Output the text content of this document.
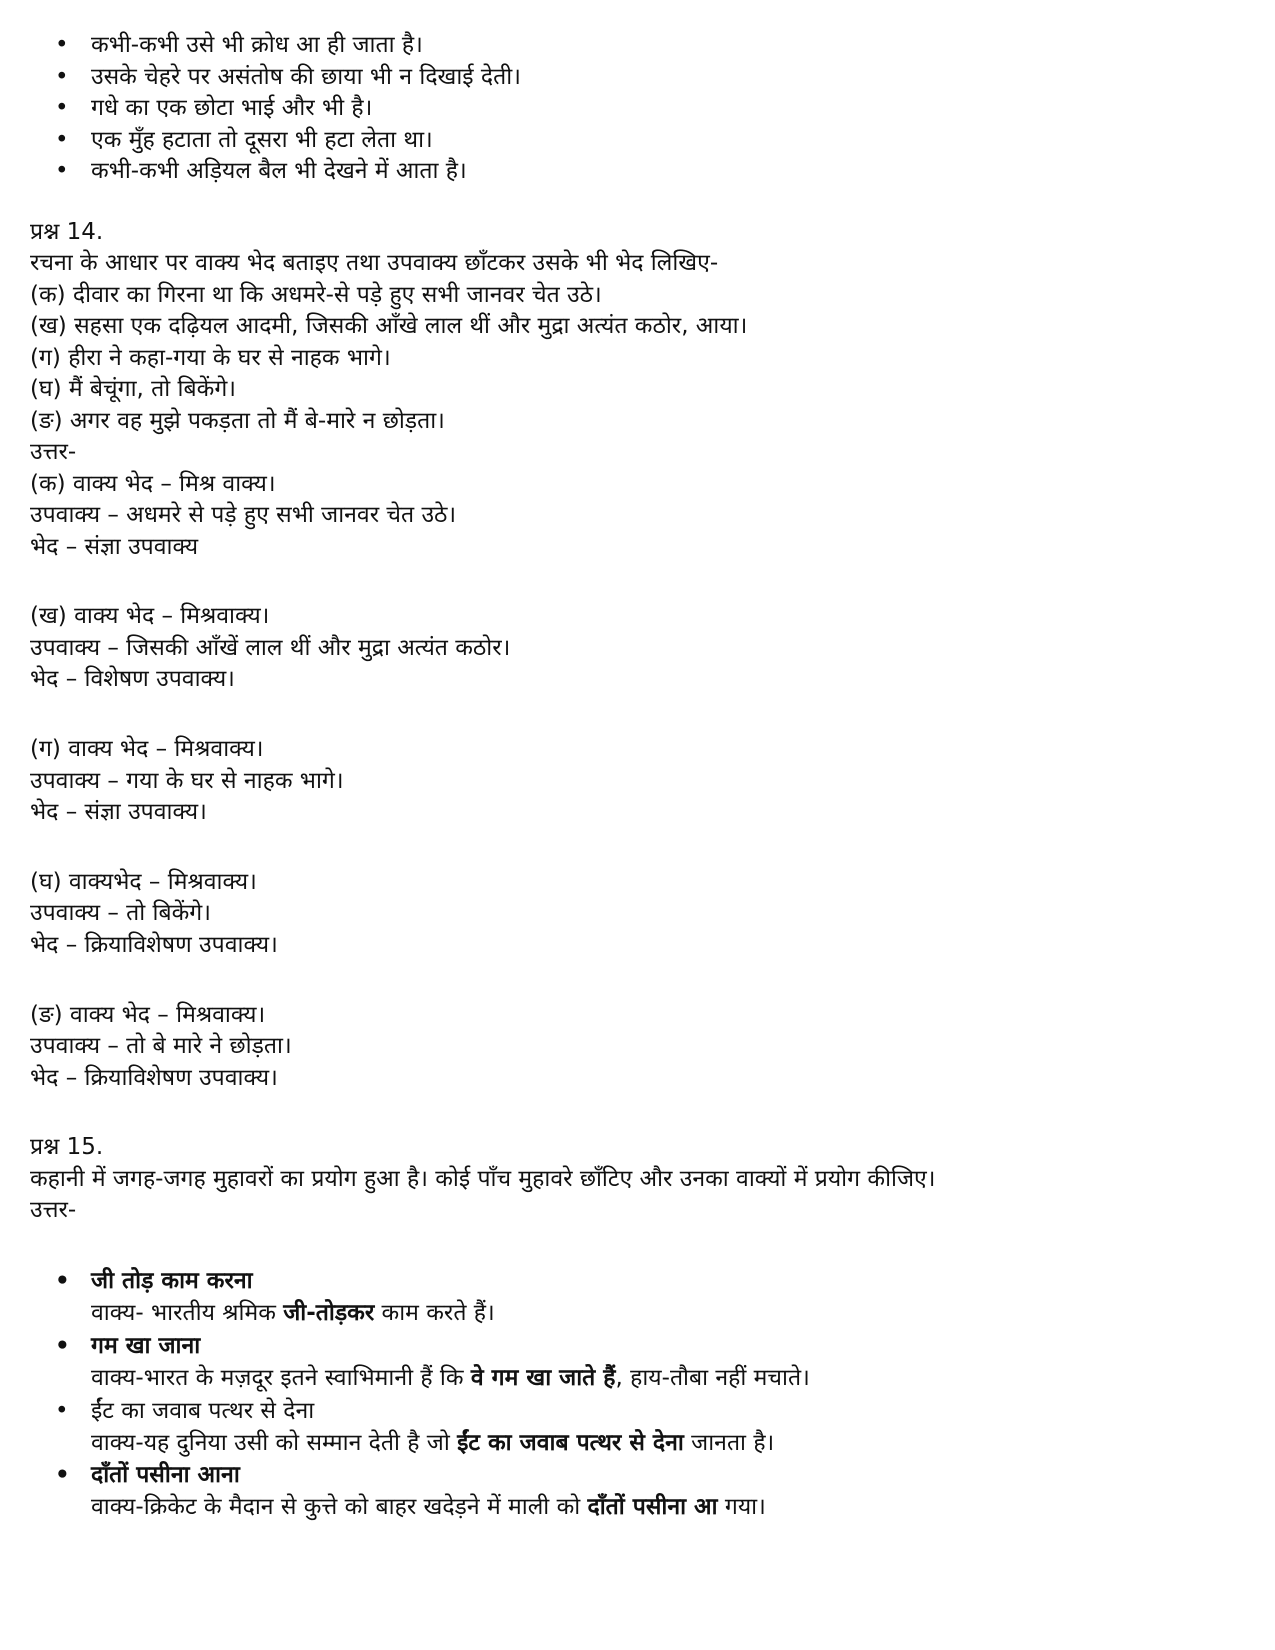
• कभी-कभी उसे भी क्रोध आ ही जाता है।
• उसके चेहरे पर असंतोष की छाया भी न दिखाई देती।
• गधे का एक छोटा भाई और भी है।
• एक मुँह हटाता तो दूसरा भी हटा लेता था।
• कभी-कभी अड़ियल बैल भी देखने में आता है।
प्रश्न 14.
रचना के आधार पर वाक्य भेद बताइए तथा उपवाक्य छाँटकर उसके भी भेद लिखिए-
(क) दीवार का गिरना था कि अधमरे-से पड़े हुए सभी जानवर चेत उठे।
(ख) सहसा एक दढ़ियल आदमी, जिसकी आँखे लाल थीं और मुद्रा अत्यंत कठोर, आया।
(ग) हीरा ने कहा-गया के घर से नाहक भागे।
(घ) मैं बेचूंगा, तो बिकेंगे।
(ङ) अगर वह मुझे पकड़ता तो मैं बे-मारे न छोड़ता।
उत्तर-
(क) वाक्य भेद – मिश्र वाक्य।
उपवाक्य – अधमरे से पड़े हुए सभी जानवर चेत उठे।
भेद – संज्ञा उपवाक्य
(ख) वाक्य भेद – मिश्रवाक्य।
उपवाक्य – जिसकी आँखें लाल थीं और मुद्रा अत्यंत कठोर।
भेद – विशेषण उपवाक्य।
(ग) वाक्य भेद – मिश्रवाक्य।
उपवाक्य – गया के घर से नाहक भागे।
भेद – संज्ञा उपवाक्य।
(घ) वाक्यभेद – मिश्रवाक्य।
उपवाक्य – तो बिकेंगे।
भेद – क्रियाविशेषण उपवाक्य।
(ङ) वाक्य भेद – मिश्रवाक्य।
उपवाक्य – तो बे मारे ने छोड़ता।
भेद – क्रियाविशेषण उपवाक्य।
प्रश्न 15.
कहानी में जगह-जगह मुहावरों का प्रयोग हुआ है। कोई पाँच मुहावरे छाँटिए और उनका वाक्यों में प्रयोग कीजिए।
उत्तर-
• जी तोड़ काम करना
वाक्य- भारतीय श्रमिक जी-तोड़कर काम करते हैं।
• गम खा जाना
वाक्य-भारत के मज़दूर इतने स्वाभिमानी हैं कि वे गम खा जाते हैं, हाय-तौबा नहीं मचाते।
• ईंट का जवाब पत्थर से देना
वाक्य-यह दुनिया उसी को सम्मान देती है जो ईंट का जवाब पत्थर से देना जानता है।
• दाँतों पसीना आना
वाक्य-क्रिकेट के मैदान से कुत्ते को बाहर खदेड़ने में माली को दाँतों पसीना आ गया।
